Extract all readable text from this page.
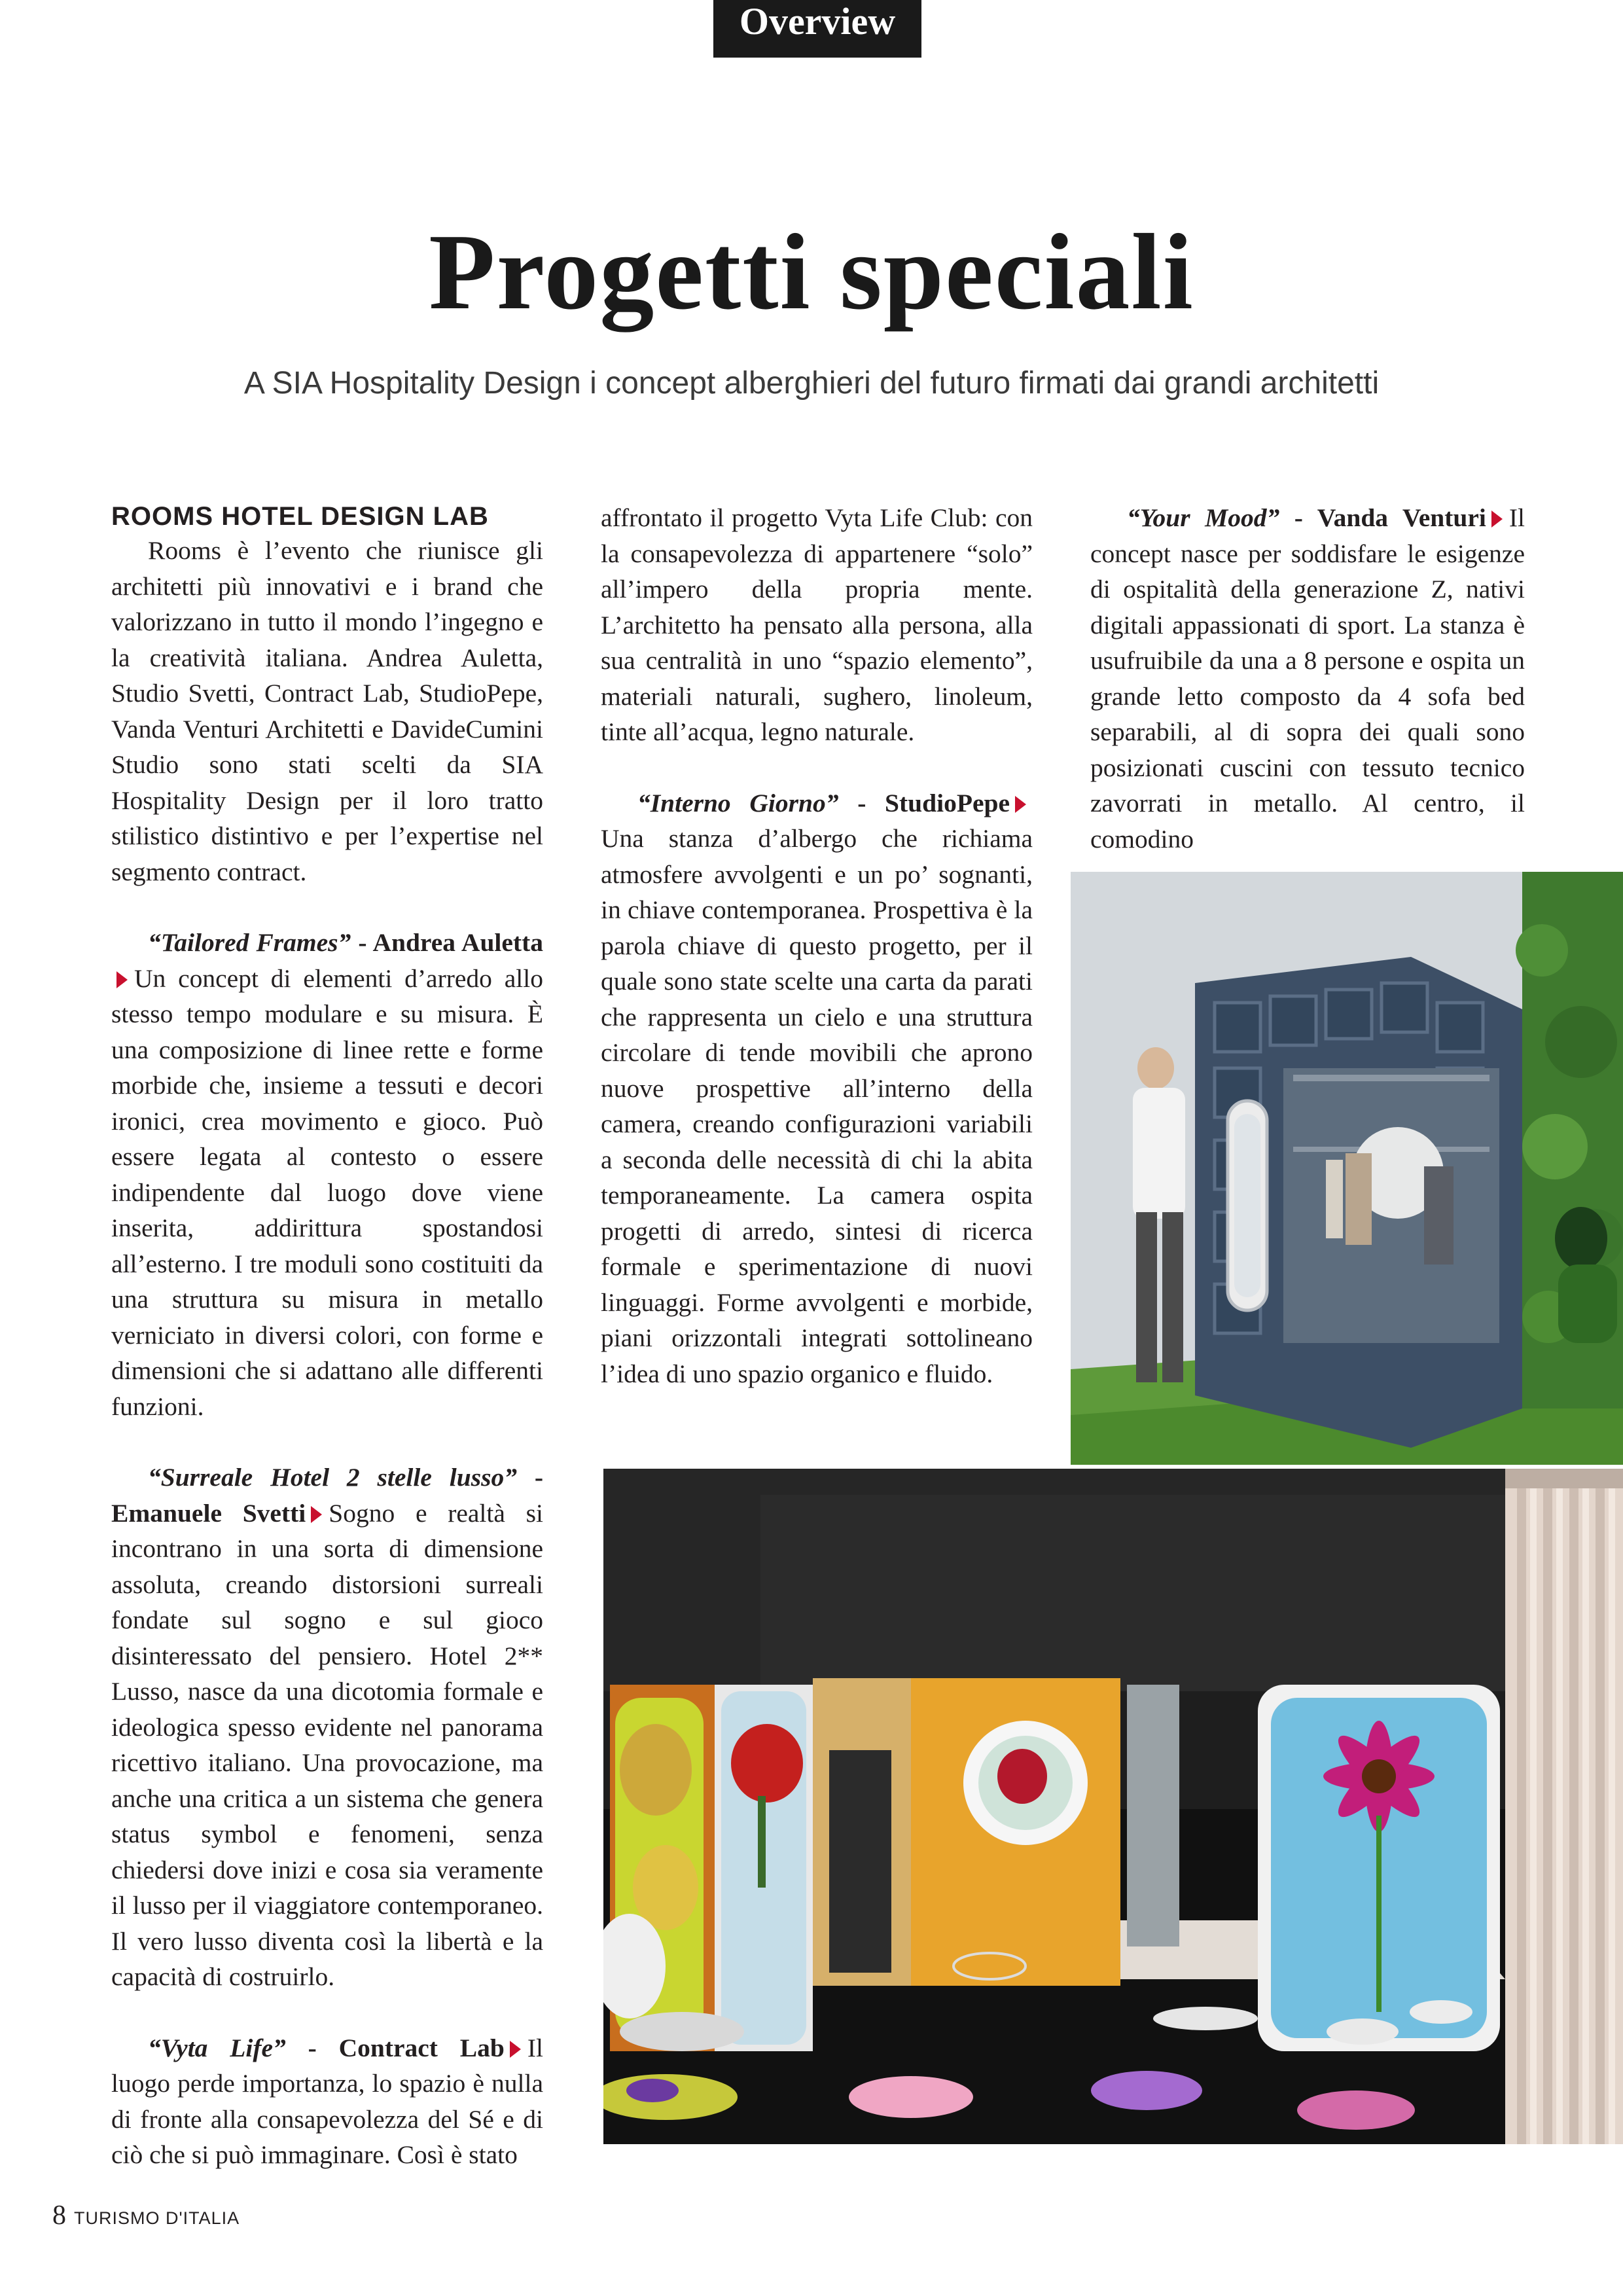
Overview
Progetti speciali
A SIA Hospitality Design i concept alberghieri del futuro firmati dai grandi architetti

ROOMS HOTEL DESIGN LAB

Rooms è l’evento che riunisce gli architetti più innovativi e i brand che valorizzano in tutto il mondo l’ingegno e la creatività italiana. Andrea Auletta, Studio Svetti, Contract Lab, StudioPepe, Vanda Venturi Architetti e DavideCumini Studio sono stati scelti da SIA Hospitality Design per il loro tratto stilistico distintivo e per l’expertise nel segmento contract.

“Tailored Frames” - Andrea AulettaUn concept di elementi d’arredo allo stesso tempo modulare e su misura. È una composizione di linee rette e forme morbide che, insieme a tessuti e decori ironici, crea movimento e gioco. Può essere legata al contesto o essere indipendente dal luogo dove viene inserita, addirittura spostandosi all’esterno. I tre moduli sono costituiti da una struttura su misura in metallo verniciato in diversi colori, con forme e dimensioni che si adattano alle differenti funzioni.

“Surreale Hotel 2 stelle lusso” - Emanuele Svetti Sogno e realtà si incontrano in una sorta di dimensione assoluta, creando distorsioni surreali fondate sul sogno e sul gioco disinteressato del pensiero. Hotel 2** Lusso, nasce da una dicotomia formale e ideologica spesso evidente nel panorama ricettivo italiano. Una provocazione, ma anche una critica a un sistema che genera status symbol e fenomeni, senza chiedersi dove inizi e cosa sia veramente il lusso per il viaggiatore contemporaneo. Il vero lusso diventa così la libertà e la capacità di costruirlo.

“Vyta Life” - Contract Lab Il luogo perde importanza, lo spazio è nulla di fronte alla consapevolezza del Sé e di ciò che si può immaginare. Così è stato

affrontato il progetto Vyta Life Club: con la consapevolezza di appartenere “solo” all’impero della propria mente. L’architetto ha pensato alla persona, alla sua centralità in uno “spazio elemento”, materiali naturali, sughero, linoleum, tinte all’acqua, legno naturale.

“Interno Giorno” - StudioPepeUna stanza d’albergo che richiama atmosfere avvolgenti e un po’ sognanti, in chiave contemporanea. Prospettiva è la parola chiave di questo progetto, per il quale sono state scelte una carta da parati che rappresenta un cielo e una struttura circolare di tende movibili che aprono nuove prospettive all’interno della camera, creando configurazioni variabili a seconda delle necessità di chi la abita temporaneamente. La camera ospita progetti di arredo, sintesi di ricerca formale e sperimentazione di nuovi linguaggi. Forme avvolgenti e morbide, piani orizzontali integrati sottolineano l’idea di uno spazio organico e fluido.

“Your Mood” - Vanda Venturi Il concept nasce per soddisfare le esigenze di ospitalità della generazione Z, nativi digitali appassionati di sport. La stanza è usufruibile da una a 8 persone e ospita un grande letto composto da 4 sofa bed separabili, al di sopra dei quali sono posizionati cuscini con tessuto tecnico zavorrati in metallo. Al centro, il comodino

8 TURISMO D'ITALIA
